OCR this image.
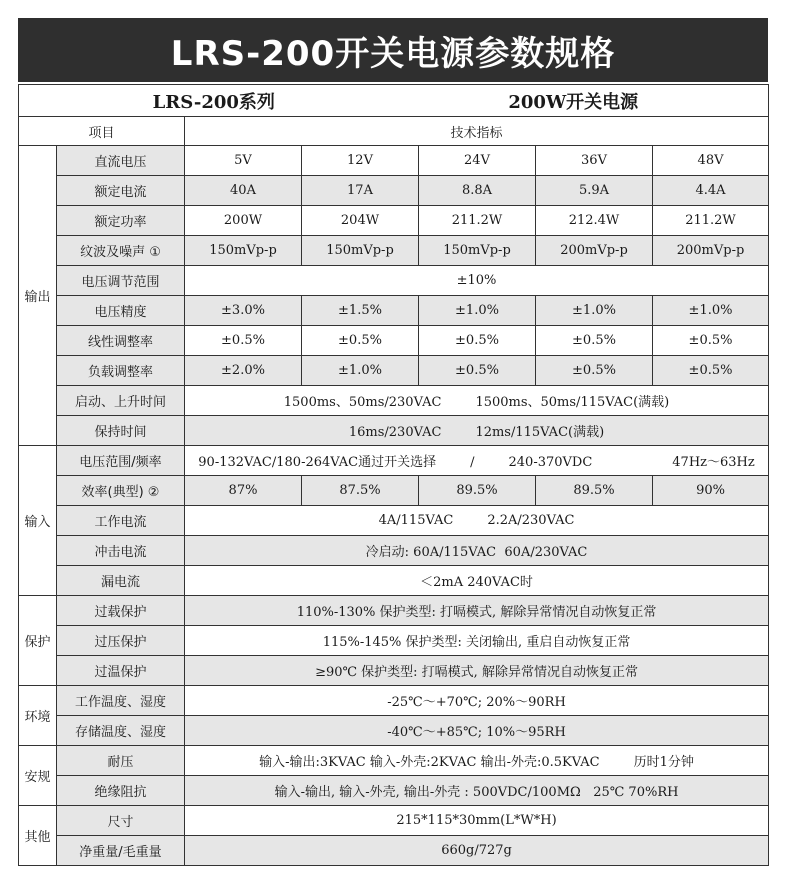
LRS-200开关电源参数规格
LRS-200系列 200W开关电源						
项目		技术指标				
输出	直流电压	5V	12V	24V	36V	48V
	额定电流	40A	17A	8.8A	5.9A	4.4A
	额定功率	200W	204W	211.2W	212.4W	211.2W
	纹波及噪声 ①	150mVp-p	150mVp-p	150mVp-p	200mVp-p	200mVp-p
	电压调节范围	±10%				
	电压精度	±3.0%	±1.5%	±1.0%	±1.0%	±1.0%
	线性调整率	±0.5%	±0.5%	±0.5%	±0.5%	±0.5%
	负载调整率	±2.0%	±1.0%	±0.5%	±0.5%	±0.5%
	启动、上升时间	1500ms、50ms/230VAC 1500ms、50ms/115VAC(满载)				
	保持时间	16ms/230VAC 12ms/115VAC(满载)				
输入	电压范围/频率	90-132VAC/180-264VAC通过开关选择 / 240-370VDC 47Hz～63Hz				
	效率(典型) ②	87%	87.5%	89.5%	89.5%	90%
	工作电流	4A/115VAC 2.2A/230VAC				
	冲击电流	冷启动: 60A/115VAC 60A/230VAC				
	漏电流	＜2mA 240VAC时				
保护	过载保护	110%-130% 保护类型: 打嗝模式, 解除异常情况自动恢复正常				
	过压保护	115%-145% 保护类型: 关闭输出, 重启自动恢复正常				
	过温保护	≥90℃ 保护类型: 打嗝模式, 解除异常情况自动恢复正常				
环境	工作温度、湿度	-25℃～+70℃; 20%～90RH				
	存储温度、湿度	-40℃～+85℃; 10%～95RH				
安规	耐压	输入-输出:3KVAC 输入-外壳:2KVAC 输出-外壳:0.5KVAC 历时1分钟				
	绝缘阻抗	输入-输出, 输入-外壳, 输出-外壳 : 500VDC/100MΩ 25℃ 70%RH				
其他	尺寸	215*115*30mm(L*W*H)				
	净重量/毛重量	660g/727g				
